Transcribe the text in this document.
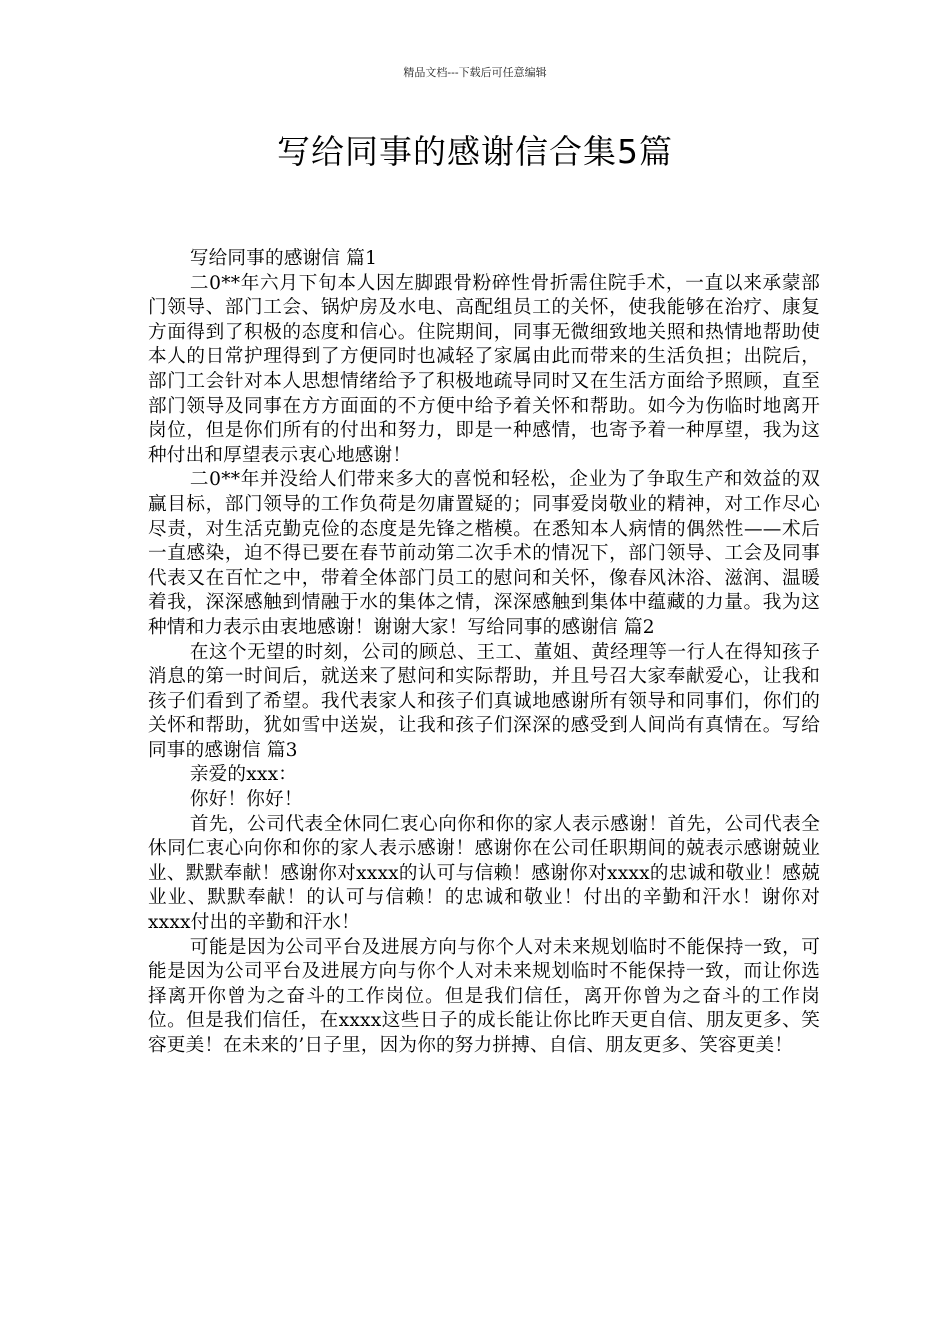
精品文档---下载后可任意编辑
写给同事的感谢信合集5篇

写给同事的感谢信 篇1

二0**年六月下旬本人因左脚跟骨粉碎性骨折需住院手术，一直以来承蒙部门领导、部门工会、锅炉房及水电、高配组员工的关怀，使我能够在治疗、康复方面得到了积极的态度和信心。住院期间，同事无微细致地关照和热情地帮助使本人的日常护理得到了方便同时也减轻了家属由此而带来的生活负担；出院后，部门工会针对本人思想情绪给予了积极地疏导同时又在生活方面给予照顾，直至部门领导及同事在方方面面的不方便中给予着关怀和帮助。如今为伤临时地离开岗位，但是你们所有的付出和努力，即是一种感情，也寄予着一种厚望，我为这种付出和厚望表示衷心地感谢！

二0**年并没给人们带来多大的喜悦和轻松，企业为了争取生产和效益的双赢目标，部门领导的工作负荷是勿庸置疑的；同事爱岗敬业的精神，对工作尽心尽责，对生活克勤克俭的态度是先锋之楷模。在悉知本人病情的偶然性——术后一直感染，迫不得已要在春节前动第二次手术的情况下，部门领导、工会及同事代表又在百忙之中，带着全体部门员工的慰问和关怀，像春风沐浴、滋润、温暖着我，深深感触到情融于水的集体之情，深深感触到集体中蕴藏的力量。我为这种情和力表示由衷地感谢！谢谢大家！写给同事的感谢信 篇2

在这个无望的时刻，公司的顾总、王工、董姐、黄经理等一行人在得知孩子消息的第一时间后，就送来了慰问和实际帮助，并且号召大家奉献爱心，让我和孩子们看到了希望。我代表家人和孩子们真诚地感谢所有领导和同事们，你们的关怀和帮助，犹如雪中送炭，让我和孩子们深深的感受到人间尚有真情在。写给同事的感谢信 篇3

亲爱的xxx：

你好！你好！

首先，公司代表全休同仁衷心向你和你的家人表示感谢！首先，公司代表全休同仁衷心向你和你的家人表示感谢！感谢你在公司任职期间的兢表示感谢兢业业、默默奉献！感谢你对xxxx的认可与信赖！感谢你对xxxx的忠诚和敬业！感兢业业、默默奉献！的认可与信赖！的忠诚和敬业！付出的辛勤和汗水！谢你对xxxx付出的辛勤和汗水！

可能是因为公司平台及进展方向与你个人对未来规划临时不能保持一致，可能是因为公司平台及进展方向与你个人对未来规划临时不能保持一致，而让你选择离开你曾为之奋斗的工作岗位。但是我们信任，离开你曾为之奋斗的工作岗位。但是我们信任，在xxxx这些日子的成长能让你比昨天更自信、朋友更多、笑容更美！在未来的’日子里，因为你的努力拼搏、自信、朋友更多、笑容更美！
